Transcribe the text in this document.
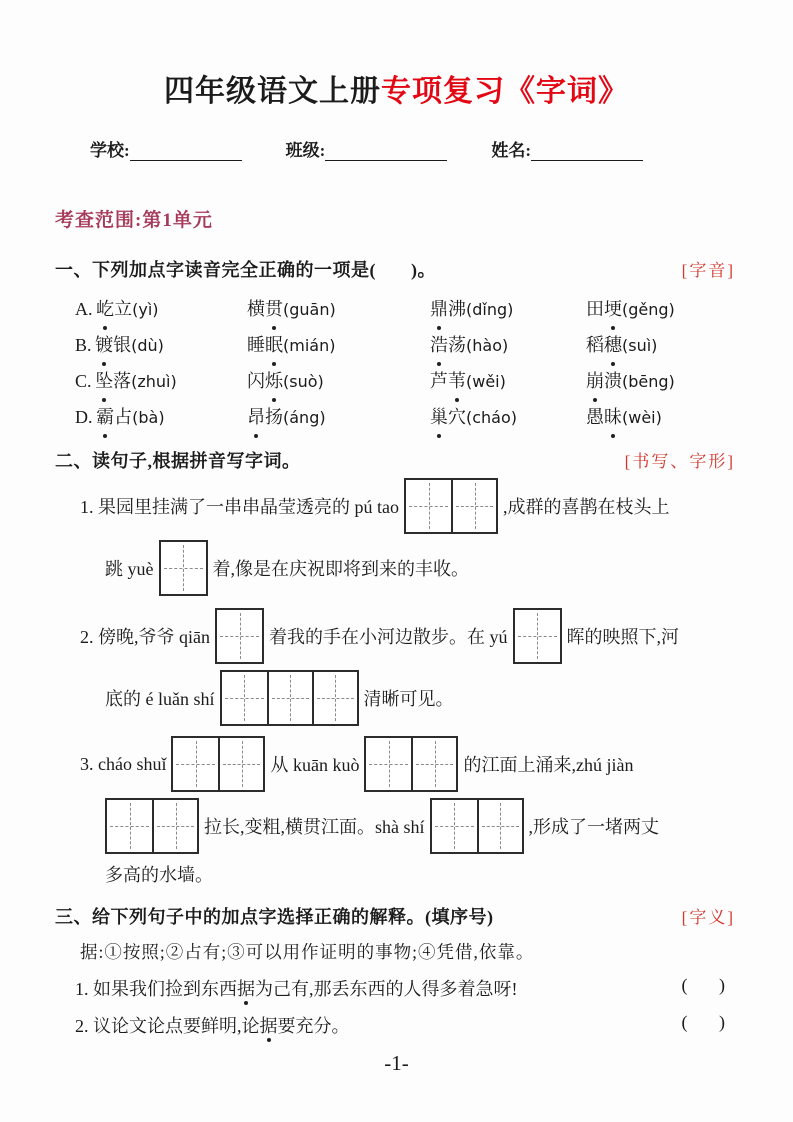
四年级语文上册专项复习《字词》
学校:	班级:	姓名:
考查范围:第1单元
一、下列加点字读音完全正确的一项是(       )。	[字音]
A.  屹立(yì)	横贯(guān)	鼎沸(dǐng)	田埂(gěng)
B.  镀银(dù)	睡眠(mián)	浩荡(hào)	稻穗(suì)
C.  坠落(zhuì)	闪烁(suò)	芦苇(wěi)	崩溃(bēng)
D.  霸占(bà)	昂扬(áng)	巢穴(cháo)	愚昧(wèi)
二、读句子,根据拼音写字词。	[书写、字形]
1. 果园里挂满了一串串晶莹透亮的 pú tao	,成群的喜鹊在枝头上
跳 yuè	着,像是在庆祝即将到来的丰收。
2. 傍晚,爷爷 qiān	着我的手在小河边散步。在 yú	晖的映照下,河
底的 é luǎn shí	清晰可见。
3. cháo shuǐ	从 kuān kuò	的江面上涌来,zhú jiàn
拉长,变粗,横贯江面。shà shí	,形成了一堵两丈
多高的水墙。
三、给下列句子中的加点字选择正确的解释。(填序号)	[字义]
据:①按照;②占有;③可以用作证明的事物;④凭借,依靠。
1. 如果我们捡到东西据为己有,那丢东西的人得多着急呀!	(       )
2. 议论文论点要鲜明,论据要充分。	(       )
-1-
